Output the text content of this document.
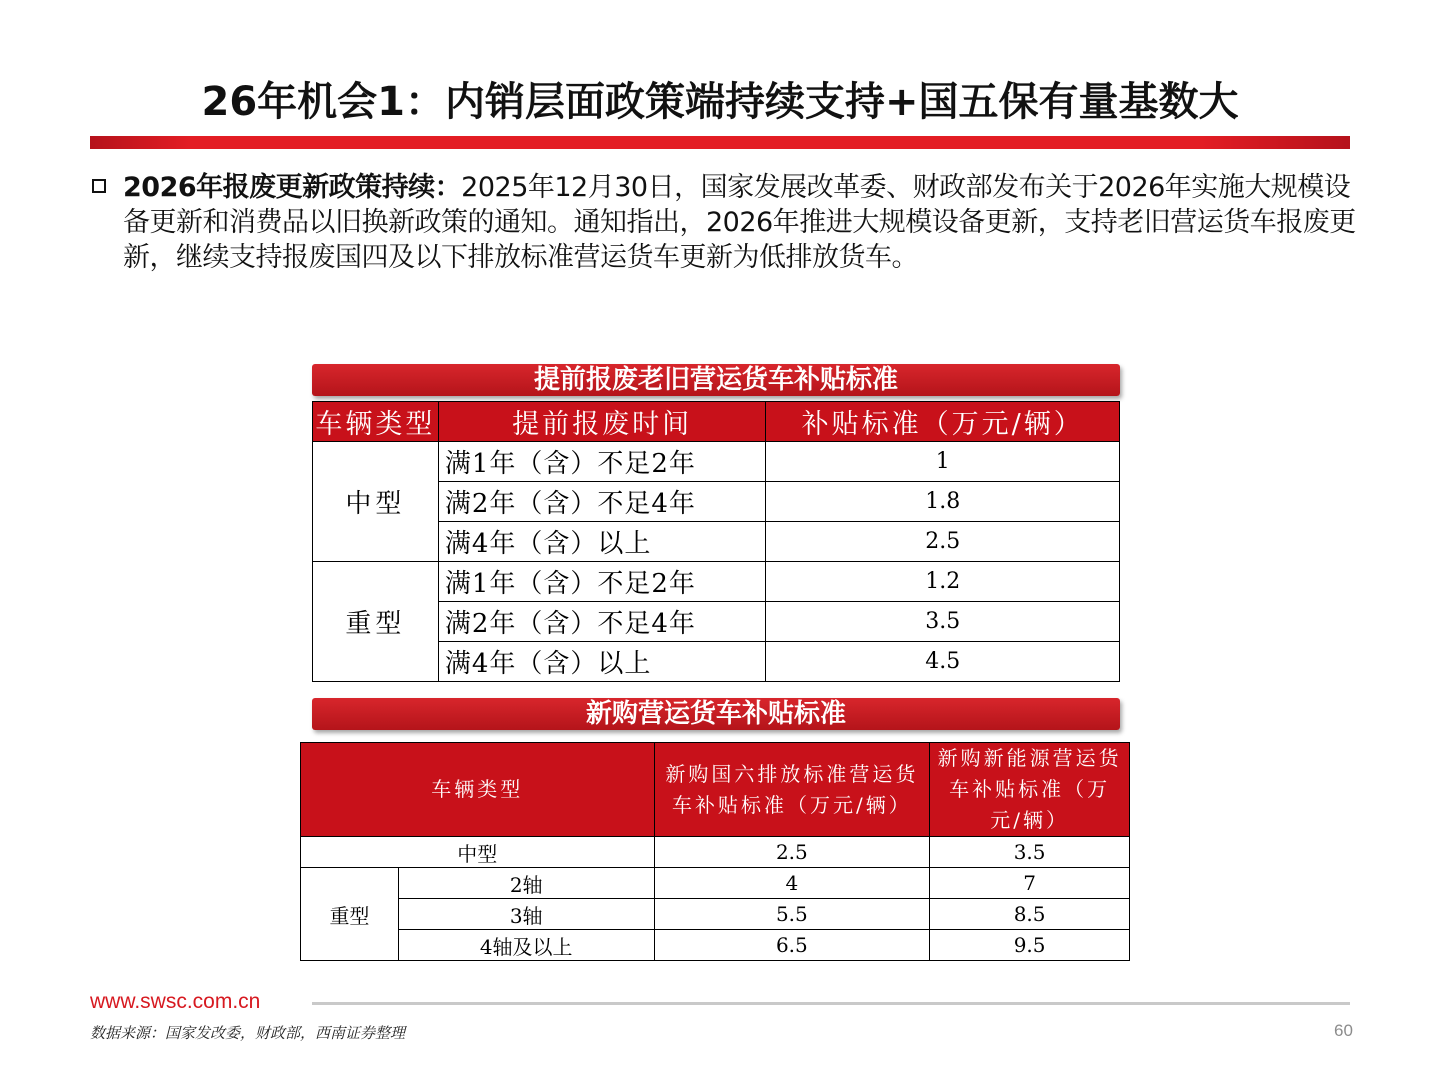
26年机会1：内销层面政策端持续支持+国五保有量基数大
2026年报废更新政策持续：2025年12月30日，国家发展改革委、财政部发布关于2026年实施大规模设备更新和消费品以旧换新政策的通知。通知指出，2026年推进大规模设备更新，支持老旧营运货车报废更新，继续支持报废国四及以下排放标准营运货车更新为低排放货车。
提前报废老旧营运货车补贴标准
车辆类型	提前报废时间	补贴标准（万元/辆）
中型	满1年（含）不足2年	1
	满2年（含）不足4年	1.8
	满4年（含）以上	2.5
重型	满1年（含）不足2年	1.2
	满2年（含）不足4年	3.5
	满4年（含）以上	4.5
新购营运货车补贴标准
车辆类型		新购国六排放标准营运货车补贴标准（万元/辆）	新购新能源营运货车补贴标准（万元/辆）
中型		2.5	3.5
重型	2轴	4	7
	3轴	5.5	8.5
	4轴及以上	6.5	9.5
www.swsc.com.cn
数据来源：国家发改委，财政部，西南证券整理	60
